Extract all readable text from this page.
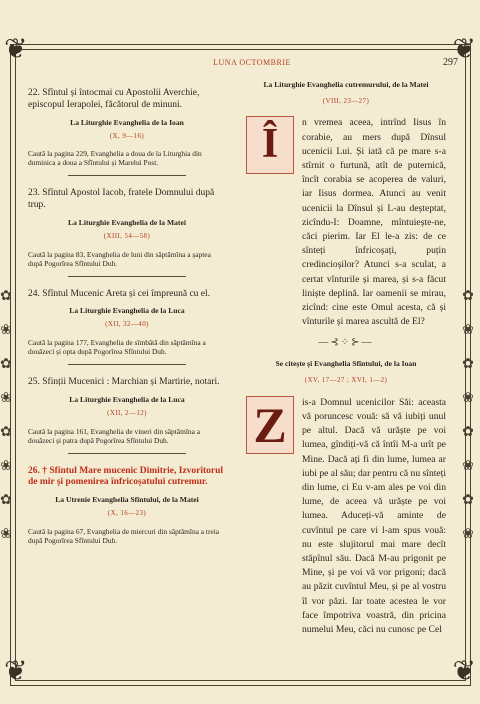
❦	❦
❦	❦
✿
❀
✿
❀
✿
❀
✿
❀
✿
❀
✿
❀
✿
❀
✿
❀
LUNA OCTOMBRIE	297
22. Sfîntul și întocmai cu Apostolii Averchie, episcopul Ierapolei, făcătorul de minuni.
La Liturghie Evanghelia de la Ioan
(X, 9—16)
Caută la pagina 229, Evanghelia a doua de la Liturghia din duminica a doua a Sfîntului și Marelui Post.
23. Sfîntul Apostol Iacob, fratele Domnului după trup.
La Liturghie Evanghelia de la Matei
(XIII, 54—58)
Caută la pagina 83, Evanghelia de luni din săptămîna a șaptea după Pogorîrea Sfîntului Duh.
24. Sfîntul Mucenic Areta și cei împreună cu el.
La Liturghie Evanghelia de la Luca
(XII, 32—40)
Caută la pagina 177, Evanghelia de sîmbătă din săptămîna a douăzeci și opta după Pogorîrea Sfîntului Duh.
25. Sfinții Mucenici : Marchian și Martirie, notari.
La Liturghie Evanghelia de la Luca
(XII, 2—12)
Caută la pagina 161, Evanghelia de vineri din săptămîna a douăzeci și patra după Pogorîrea Sfîntului Duh.
26. † Sfîntul Mare mucenic Dimitrie, Izvorîtorul de mir și pomenirea înfricoșatului cutremur.
La Utrenie Evanghelia Sfîntului, de la Matei
(X, 16—23)
Caută la pagina 67, Evanghelia de miercuri din săptămîna a treia după Pogorîrea Sfîntului Duh.
La Liturghie Evanghelia cutremurului, de la Matei
(VIII, 23—27)
Î	n vremea aceea, intrînd Iisus în corabie, au mers după Dînsul ucenicii Lui. Și iată că pe mare s-a stîrnit o furtună, atît de puternică, încît corabia se acoperea de valuri, iar Iisus dormea. Atunci au venit ucenicii la Dînsul și L-au deșteptat, zicîndu-I: Doamne, mîntuiește-ne, căci pierim. Iar El le-a zis: de ce sînteți înfricoșați, puțin credincioșilor? Atunci s-a sculat, a certat vînturile și marea, și s-a făcut liniște deplină. Iar oamenii se mirau, zicînd: cine este Omul acesta, că și vînturile și marea ascultă de El?
—⊰⁘⊱—
Se citește și Evanghelia Sfîntului, de la Ioan
(XV, 17—27 ; XVI, 1—2)
Z	is-a Domnul ucenicilor Săi: aceasta vă poruncesc vouă: să vă iubiți unul pe altul. Dacă vă urăște pe voi lumea, gîndiți-vă că întîi M-a urît pe Mine. Dacă ați fi din lume, lumea ar iubi pe al său; dar pentru că nu sînteți din lume, ci Eu v-am ales pe voi din lume, de aceea vă urăște pe voi lumea. Aduceți-vă aminte de cuvîntul pe care vi l-am spus vouă: nu este slujitorul mai mare decît stăpînul său. Dacă M-au prigonit pe Mine, și pe voi vă vor prigoni; dacă au păzit cuvîntul Meu, și pe al vostru îl vor păzi. Iar toate acestea le vor face împotriva voastră, din pricina numelui Meu, căci nu cunosc pe Cel
